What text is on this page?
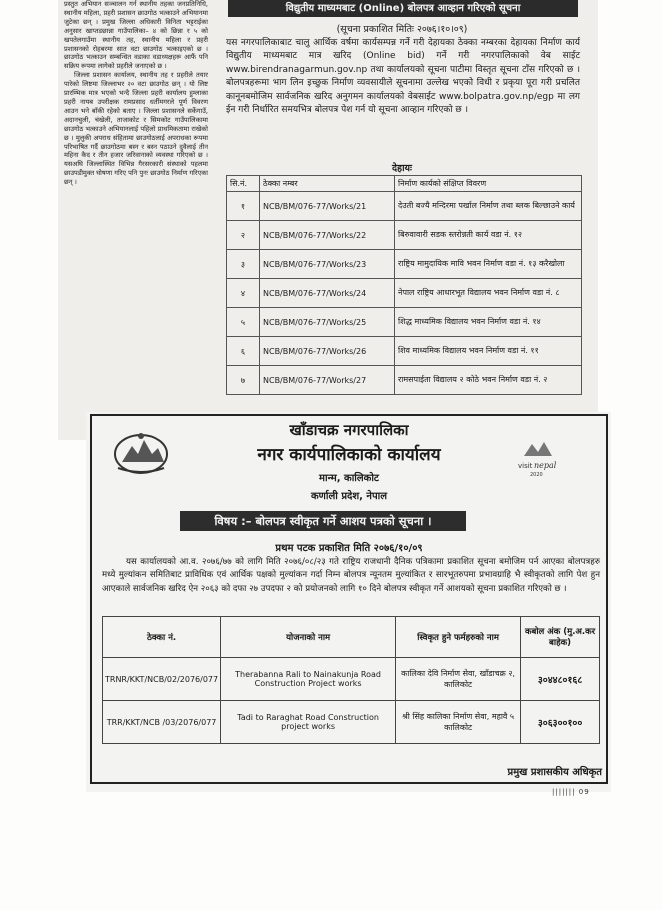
प्रस्तुत अभियान सञ्चालन गर्न स्थानीय तहका जनप्रतिनिधि, स्थानीय महिला, प्रहरी प्रशासन छाउगोठ भत्काउने अभियानमा जुटेका छन् । प्रमुख जिल्ला अधिकारी विनिता भट्टराईका अनुसार खाप्तडछान्ना गाउँपालिका– ४ को छिन्ना र ५ को खपतेलगाउँमा स्थानीय तह, स्थानीय महिला र प्रहरी प्रशासनको रोहबरमा सात वटा छाउगोठ भत्काइएको छ । छाउगोठ भत्काउन सम्बन्धित वडाका वडाध्यक्षहरू आफैं पनि सक्रिय रूपमा लागेको प्रहरीले जनाएको छ ।

जिल्ला प्रशासन कार्यालय, स्थानीय तह र प्रहरीले तयार पारेको लिष्टमा जिल्लाभर २० वटा छाउगोठ छन् । यो लिष्ट प्रारम्भिक मात्र भएको भन्दै जिल्ला प्रहरी कार्यालय हुम्लाका प्रहरी नायब उपरीक्षक रामप्रसाद धर्तीमगरले पूर्ण विवरण आउन भने बाँकी रहेको बताए । जिल्ला प्रशासनले सर्केगाउँ, अदानचुली, चंखेली, ताजाकोट र सिमकोट गाउँपालिकामा छाउगोठ भत्काउने अभियानलाई पहिलो प्राथमिकतामा राखेको छ । मुलुकी अपराध संहितामा छाउगोठलाई अपराधका रूपमा परिभाषित गर्दै छाउगोठमा बस्न र बस्न पठाउने दुवैलाई तीन महिना कैद र तीन हजार जरिवानाको व्यवस्था गरिएको छ । यसअघि जिल्लास्थित विभिन्न गैरसरकारी संस्थाको पहलमा छाउपडीमुक्त घोषणा गरिए पनि पुनः छाउगोठ निर्माण गरिएका छन् ।

विद्युतीय माध्यमबाट (Online) बोलपत्र आव्हान गरिएको सूचना
(सूचना प्रकाशित मितिः २०७६।१०।०९)

यस नगरपालिकाबाट चालु आर्थिक वर्षमा कार्यसम्पन्न गर्ने गरी देहायका ठेक्का नम्बरका देहायका निर्माण कार्य विद्युतीय माध्यमबाट मात्र खरिद (Online bid) गर्ने गरी नगरपालिकाको वेब साईट www.birendranagarmun.gov.np तथा कार्यालयको सूचना पाटीमा विस्तृत सूचना टाँस गरिएको छ । बोलपत्रहरूमा भाग लिन इच्छुक निर्माण व्यवसायीले सूचनामा उल्लेख भएको विधी र प्रकृया पूरा गरी प्रचलित कानूनबमोजिम सार्वजनिक खरिद अनुगमन कार्यालयको वेबसाईट www.bolpatra.gov.np/egp मा लग ईन गरी निर्धारित समयभित्र बोलपत्र पेश गर्न यो सूचना आव्हान गरिएको छ ।

देहायः
सि.नं.	ठेक्का नम्बर	निर्माण कार्यको संक्षिप्त विवरण
१	NCB/BM/076-77/Works/21	देउती बज्यै मन्दिरमा पर्खाल निर्माण तथा ब्लक बिल्छाउने कार्य
२	NCB/BM/076-77/Works/22	बिरुवावारी सडक स्तरोन्नती कार्य वडा नं. १२
३	NCB/BM/076-77/Works/23	राष्ट्रिय मामुदायिक मावि भवन निर्माण वडा नं. १३ करैखोला
४	NCB/BM/076-77/Works/24	नेपाल राष्ट्रिय आधारभूत विद्यालय भवन निर्माण वडा नं. ८
५	NCB/BM/076-77/Works/25	शिद्ध माध्यमिक विद्यालय भवन निर्माण वडा नं. १४
६	NCB/BM/076-77/Works/26	शिव माध्यमिक विद्यालय भवन निर्माण वडा नं. ११
७	NCB/BM/076-77/Works/27	रामसपाईता विद्यालय २ कोठे भवन निर्माण वडा नं. २
visit nepal
2020
खाँडाचक्र नगरपालिका
नगर कार्यपालिकाको कार्यालय
मान्म, कालिकोट
कर्णाली प्रदेश, नेपाल
विषय :– बोलपत्र स्वीकृत गर्ने आशय पत्रको सूचना ।
प्रथम पटक प्रकाशित मिति २०७६/१०/०९

यस कार्यालयको आ.व. २०७६/७७ को लागि मिति २०७६/०८/२३ गते राष्ट्रिय राजधानी दैनिक पत्रिकामा प्रकाशित सूचना बमोजिम पर्न आएका बोलपत्रहरु मध्ये मुल्यांकन समितिबाट प्राविधिक एवं आर्थिक पक्षको मुल्यांकन गर्दा निम्न बोलपत्र न्यूनतम मुल्यांकित र सारभूतरुपमा प्रभावग्राहि भै स्वीकृतको लागि पेश हुन आएकाले सार्वजनिक खरिद ऐन २०६३ को दफा २७ उपदफा २ को प्रयोजनको लागि १० दिने बोलपत्र स्वीकृत गर्ने आशयको सूचना प्रकाशित गरिएको छ ।

ठेक्का नं.	योजनाको नाम	स्विकृत हुने फर्महरुको नाम	कबोल अंक (मु.अ.कर बाहेक)
TRNR/KKT/NCB/02/2076/077	Therabanna Rali to Nainakunja Road Construction Project works	कालिका देवि निर्माण सेवा, खाँडाचक्र २, कालिकोट	३०४४८०१६८
TRR/KKT/NCB /03/2076/077	Tadi to Raraghat Road Construction project works	श्री सिंह कालिका निर्माण सेवा, महावै ५ कालिकोट	३०६३००१००
प्रमुख प्रशासकीय अधिकृत
||||||| 09
